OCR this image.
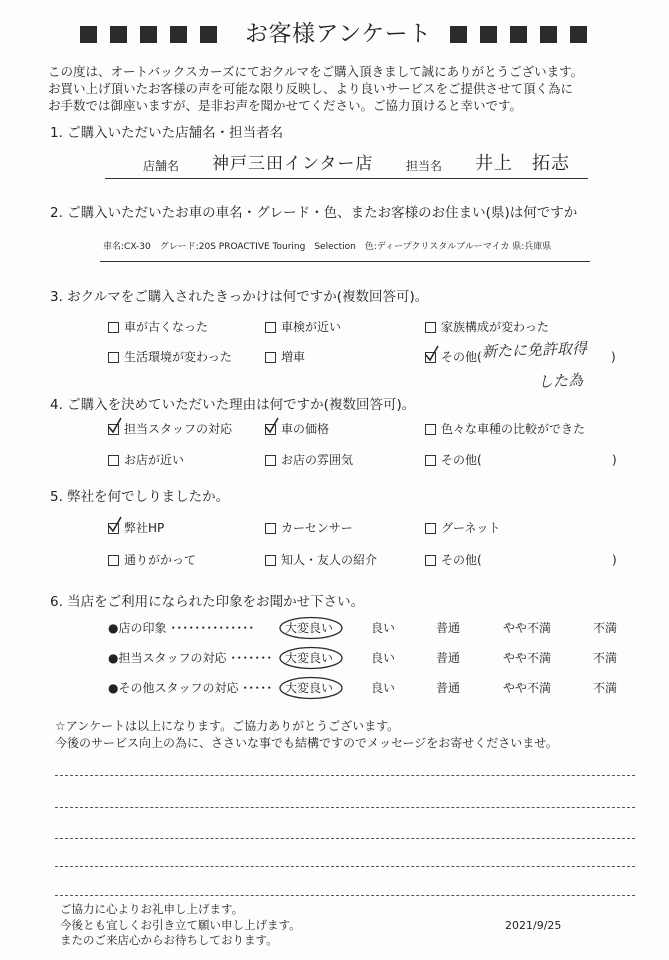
お客様アンケート
この度は、オートバックスカーズにておクルマをご購入頂きまして誠にありがとうございます。
お買い上げ頂いたお客様の声を可能な限り反映し、より良いサービスをご提供させて頂く為に
お手数では御座いますが、是非お声を聞かせてください。ご協力頂けると幸いです。
1. ご購入いただいた店舗名・担当者名
店舗名 神戸三田インター店	担当名 井上　拓志
2. ご購入いただいたお車の車名・グレード・色、またお客様のお住まい(県)は何ですか
車名:CX-30　グレード:20S PROACTIVE Touring　Selection　色:ディープクリスタルブルーマイカ 県:兵庫県
3. おクルマをご購入されたきっかけは何ですか(複数回答可)。
車が古くなった	車検が近い	家族構成が変わった
生活環境が変わった	増車	その他( 新たに免許取得 )
した為
4. ご購入を決めていただいた理由は何ですか(複数回答可)。
担当スタッフの対応	車の価格	色々な車種の比較ができた
お店が近い	お店の雰囲気	その他(	)
5. 弊社を何でしりましたか。
弊社HP	カーセンサー	グーネット
通りがかって	知人・友人の紹介	その他(	)
6. 当店をご利用になられた印象をお聞かせ下さい。
●店の印象 ･･････････････	大変良い	良い	普通	やや不満	不満
●担当スタッフの対応 ･･･････ 大変良い	良い	普通	やや不満	不満
●その他スタッフの対応 ･････ 大変良い	良い	普通	やや不満	不満
☆アンケートは以上になります。ご協力ありがとうございます。
今後のサービス向上の為に、ささいな事でも結構ですのでメッセージをお寄せくださいませ。
ご協力に心よりお礼申し上げます。
今後とも宜しくお引き立て願い申し上げます。
またのご来店心からお待ちしております。
2021/9/25
